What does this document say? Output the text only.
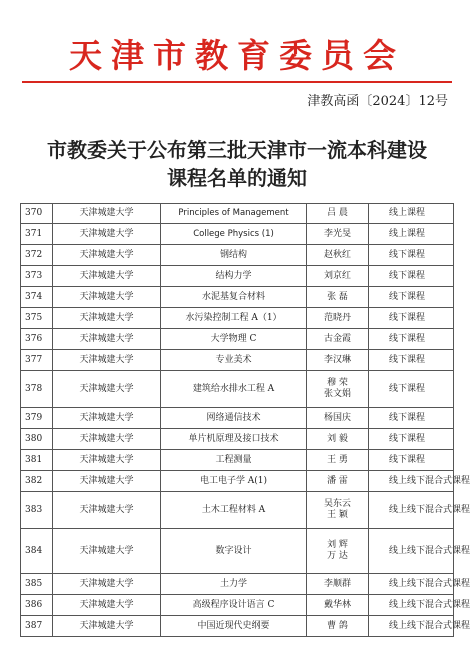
天津市教育委员会
津教高函〔2024〕12号
市教委关于公布第三批天津市一流本科建设
课程名单的通知
370	天津城建大学	Principles of Management	吕 晨	线上课程
371	天津城建大学	College Physics (1)	李光旻	线上课程
372	天津城建大学	钢结构	赵秋红	线下课程
373	天津城建大学	结构力学	刘京红	线下课程
374	天津城建大学	水泥基复合材料	张 磊	线下课程
375	天津城建大学	水污染控制工程 A（1）	范晓丹	线下课程
376	天津城建大学	大学物理 C	古金霞	线下课程
377	天津城建大学	专业美术	李汉琳	线下课程
378	天津城建大学	建筑给水排水工程 A	穆 荣
张文娟	线下课程
379	天津城建大学	网络通信技术	杨国庆	线下课程
380	天津城建大学	单片机原理及接口技术	刘 毅	线下课程
381	天津城建大学	工程测量	王 勇	线下课程
382	天津城建大学	电工电子学 A(1)	潘 雷	线上线下混合式课程
383	天津城建大学	土木工程材料 A	吴东云
王 颖	线上线下混合式课程
384	天津城建大学	数字设计	刘 辉
万 达	线上线下混合式课程
385	天津城建大学	土力学	李顺群	线上线下混合式课程
386	天津城建大学	高级程序设计语言 C	戴华林	线上线下混合式课程
387	天津城建大学	中国近现代史纲要	曹 鸽	线上线下混合式课程
